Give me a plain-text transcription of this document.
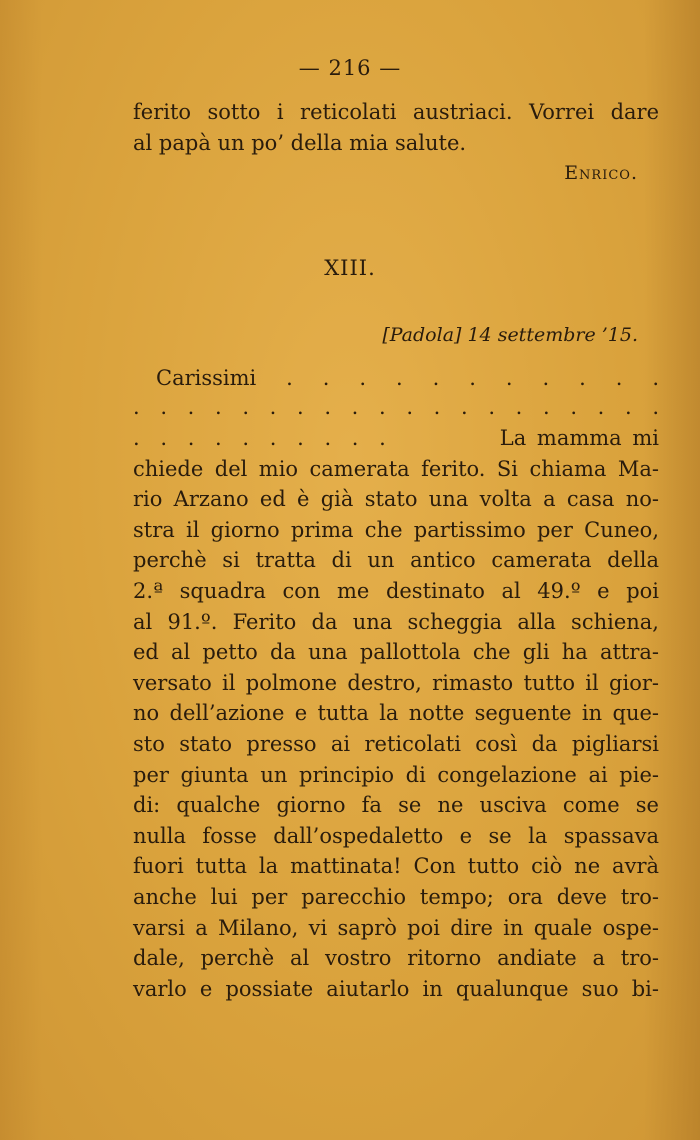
— 216 —
ferito sotto i reticolati austriaci. Vorrei dare
al papà un po’ della mia salute.
Enrico.
XIII.
[Padola] 14 settembre ’15.
Carissimi . . . . . . . . . . .
. . . . . . . . . . . . . . . . . . . .
. . . . . . . . . .	La mamma mi
chiede del mio camerata ferito. Si chiama Ma-
rio Arzano ed è già stato una volta a casa no-
stra il giorno prima che partissimo per Cuneo,
perchè si tratta di un antico camerata della
2.ª squadra con me destinato al 49.º e poi
al 91.º. Ferito da una scheggia alla schiena,
ed al petto da una pallottola che gli ha attra-
versato il polmone destro, rimasto tutto il gior-
no dell’azione e tutta la notte seguente in que-
sto stato presso ai reticolati così da pigliarsi
per giunta un principio di congelazione ai pie-
di: qualche giorno fa se ne usciva come se
nulla fosse dall’ospedaletto e se la spassava
fuori tutta la mattinata! Con tutto ciò ne avrà
anche lui per parecchio tempo; ora deve tro-
varsi a Milano, vi saprò poi dire in quale ospe-
dale, perchè al vostro ritorno andiate a tro-
varlo e possiate aiutarlo in qualunque suo bi-
